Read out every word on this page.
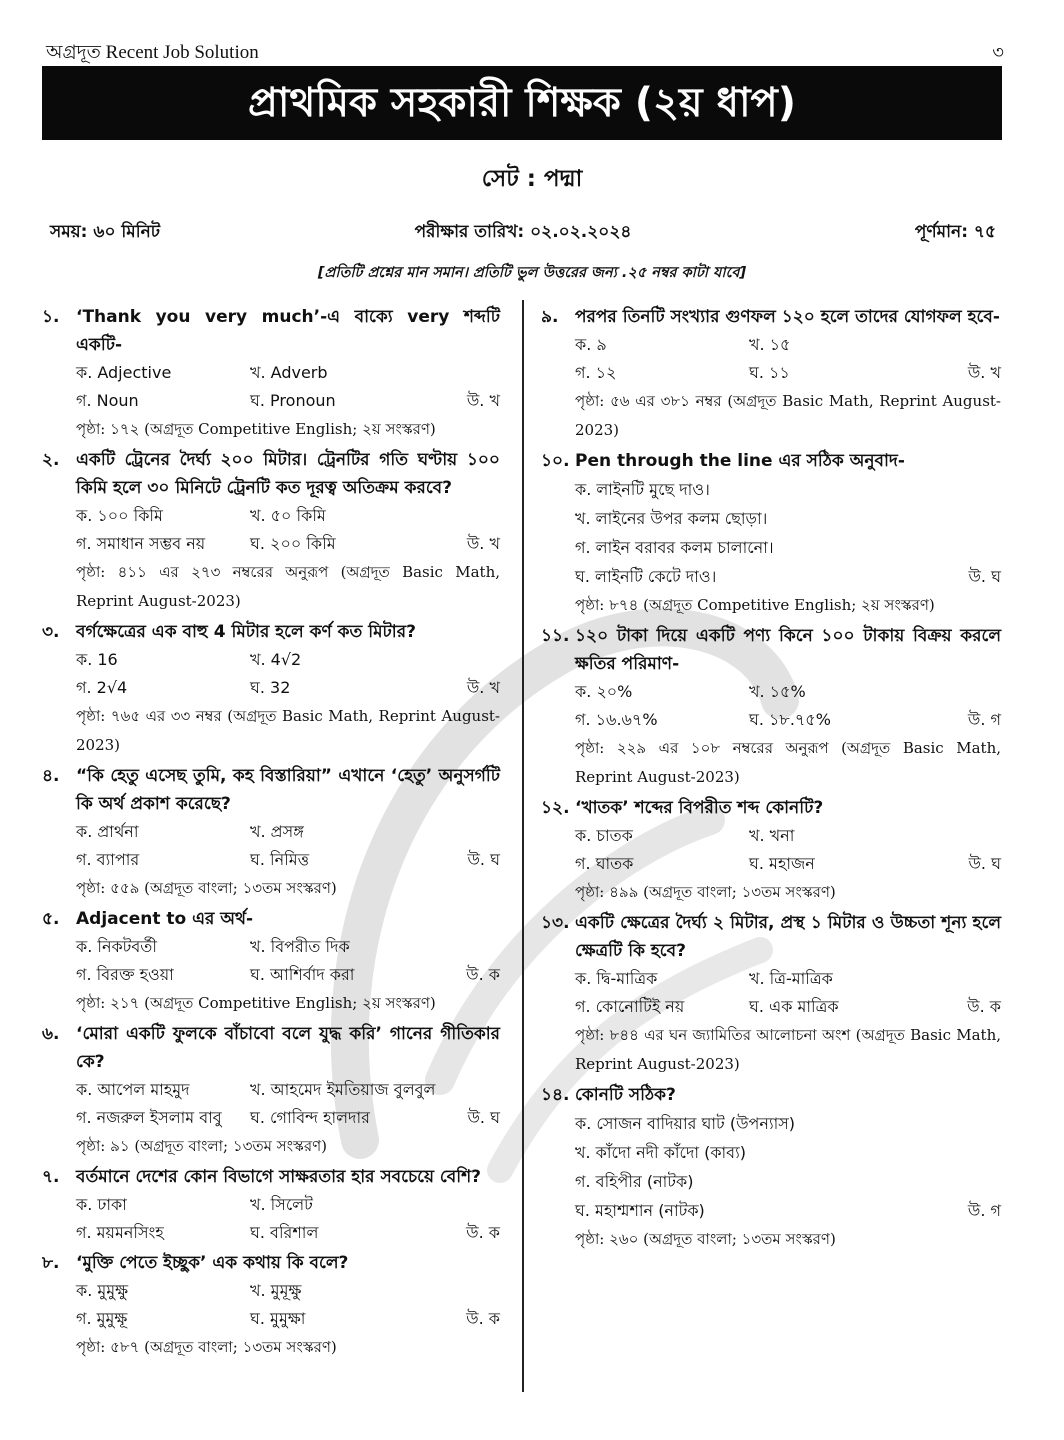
অগ্রদূত Recent Job Solution	৩
প্রাথমিক সহকারী শিক্ষক (২য় ধাপ)
সেট : পদ্মা
সময়: ৬০ মিনিট	পরীক্ষার তারিখ: ০২.০২.২০২৪	পূর্ণমান: ৭৫
[প্রতিটি প্রশ্নের মান সমান। প্রতিটি ভুল উত্তরের জন্য .২৫ নম্বর কাটা যাবে]
১. ‘Thank you very much’-এ বাক্যে very শব্দটি একটি-
ক. Adjective	খ. Adverb
গ. Noun	ঘ. Pronoun	উ. খ
পৃষ্ঠা: ১৭২ (অগ্রদূত Competitive English; ২য় সংস্করণ)
২. একটি ট্রেনের দৈর্ঘ্য ২০০ মিটার। ট্রেনটির গতি ঘণ্টায় ১০০ কিমি হলে ৩০ মিনিটে ট্রেনটি কত দূরত্ব অতিক্রম করবে?
ক. ১০০ কিমি	খ. ৫০ কিমি
গ. সমাধান সম্ভব নয়	ঘ. ২০০ কিমি	উ. খ
পৃষ্ঠা: ৪১১ এর ২৭৩ নম্বরের অনুরূপ (অগ্রদূত Basic Math, Reprint August-2023)
৩. বর্গক্ষেত্রের এক বাহু 4 মিটার হলে কর্ণ কত মিটার?
ক. 16	খ. 4√2
গ. 2√4	ঘ. 32	উ. খ
পৃষ্ঠা: ৭৬৫ এর ৩৩ নম্বর (অগ্রদূত Basic Math, Reprint August-2023)
৪. “কি হেতু এসেছ তুমি, কহ বিস্তারিয়া” এখানে ‘হেতু’ অনুসর্গটি কি অর্থ প্রকাশ করেছে?
ক. প্রার্থনা	খ. প্রসঙ্গ
গ. ব্যাপার	ঘ. নিমিত্ত	উ. ঘ
পৃষ্ঠা: ৫৫৯ (অগ্রদূত বাংলা; ১৩তম সংস্করণ)
৫. Adjacent to এর অর্থ-
ক. নিকটবর্তী	খ. বিপরীত দিক
গ. বিরক্ত হওয়া	ঘ. আশির্বাদ করা	উ. ক
পৃষ্ঠা: ২১৭ (অগ্রদূত Competitive English; ২য় সংস্করণ)
৬. ‘মোরা একটি ফুলকে বাঁচাবো বলে যুদ্ধ করি’ গানের গীতিকার কে?
ক. আপেল মাহমুদ	খ. আহমেদ ইমতিয়াজ বুলবুল
গ. নজরুল ইসলাম বাবু	ঘ. গোবিন্দ হালদার	উ. ঘ
পৃষ্ঠা: ৯১ (অগ্রদূত বাংলা; ১৩তম সংস্করণ)
৭. বর্তমানে দেশের কোন বিভাগে সাক্ষরতার হার সবচেয়ে বেশি?
ক. ঢাকা	খ. সিলেট
গ. ময়মনসিংহ	ঘ. বরিশাল	উ. ক
৮. ‘মুক্তি পেতে ইচ্ছুক’ এক কথায় কি বলে?
ক. মুমুক্ষু	খ. মুমূক্ষু
গ. মুমুক্ষূ	ঘ. মুমুক্ষা	উ. ক
পৃষ্ঠা: ৫৮৭ (অগ্রদূত বাংলা; ১৩তম সংস্করণ)
৯. পরপর তিনটি সংখ্যার গুণফল ১২০ হলে তাদের যোগফল হবে-
ক. ৯	খ. ১৫
গ. ১২	ঘ. ১১	উ. খ
পৃষ্ঠা: ৫৬ এর ৩৮১ নম্বর (অগ্রদূত Basic Math, Reprint August-2023)
১০. Pen through the line এর সঠিক অনুবাদ-
ক. লাইনটি মুছে দাও।
খ. লাইনের উপর কলম ছোড়া।
গ. লাইন বরাবর কলম চালানো।
ঘ. লাইনটি কেটে দাও।	উ. ঘ
পৃষ্ঠা: ৮৭৪ (অগ্রদূত Competitive English; ২য় সংস্করণ)
১১. ১২০ টাকা দিয়ে একটি পণ্য কিনে ১০০ টাকায় বিক্রয় করলে ক্ষতির পরিমাণ-
ক. ২০%	খ. ১৫%
গ. ১৬.৬৭%	ঘ. ১৮.৭৫%	উ. গ
পৃষ্ঠা: ২২৯ এর ১০৮ নম্বরের অনুরূপ (অগ্রদূত Basic Math, Reprint August-2023)
১২. ‘খাতক’ শব্দের বিপরীত শব্দ কোনটি?
ক. চাতক	খ. খনা
গ. ঘাতক	ঘ. মহাজন	উ. ঘ
পৃষ্ঠা: ৪৯৯ (অগ্রদূত বাংলা; ১৩তম সংস্করণ)
১৩. একটি ক্ষেত্রের দৈর্ঘ্য ২ মিটার, প্রস্থ ১ মিটার ও উচ্চতা শূন্য হলে ক্ষেত্রটি কি হবে?
ক. দ্বি-মাত্রিক	খ. ত্রি-মাত্রিক
গ. কোনোটিই নয়	ঘ. এক মাত্রিক	উ. ক
পৃষ্ঠা: ৮৪৪ এর ঘন জ্যামিতির আলোচনা অংশ (অগ্রদূত Basic Math, Reprint August-2023)
১৪. কোনটি সঠিক?
ক. সোজন বাদিয়ার ঘাট (উপন্যাস)
খ. কাঁদো নদী কাঁদো (কাব্য)
গ. বহিপীর (নাটক)
ঘ. মহাশ্মশান (নাটক)	উ. গ
পৃষ্ঠা: ২৬০ (অগ্রদূত বাংলা; ১৩তম সংস্করণ)
